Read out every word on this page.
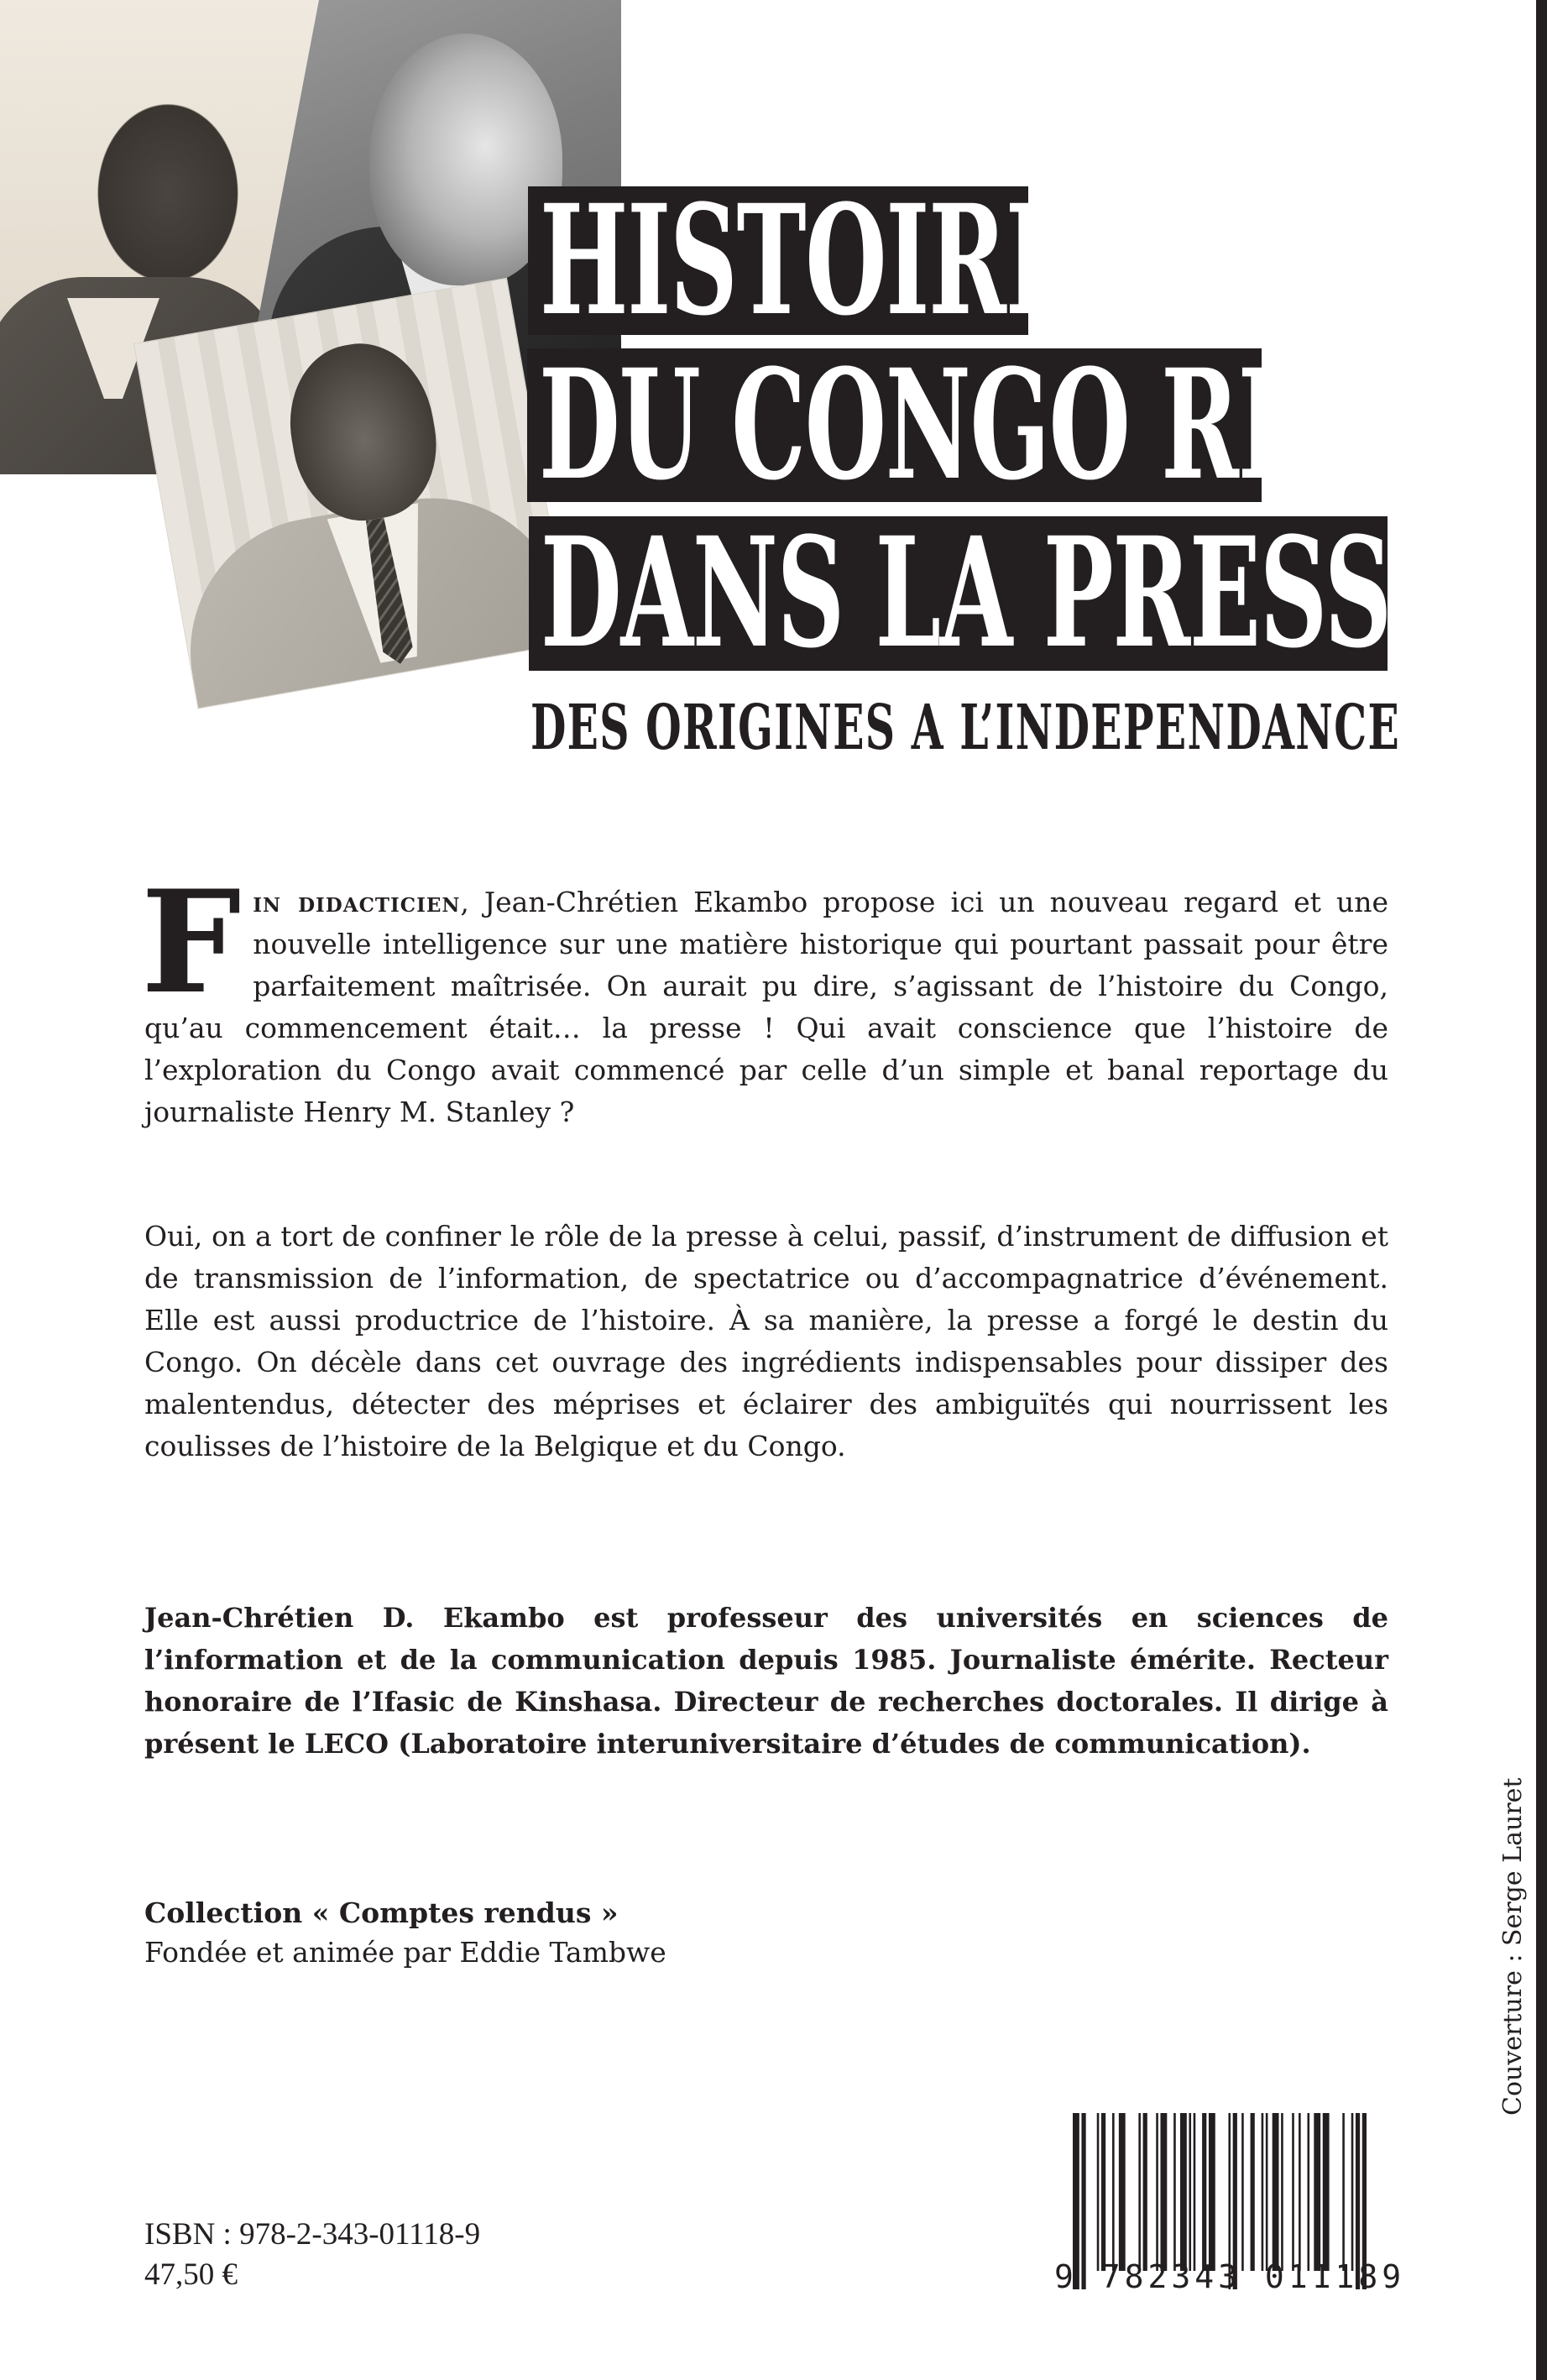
HISTOIRE
DU CONGO RDC
DANS LA PRESSE
DES ORIGINES A L’INDEPENDANCE
Fin didacticien, Jean-Chrétien Ekambo propose ici un nouveau regard et une nouvelle intelligence sur une matière historique qui pourtant passait pour être parfaitement maîtrisée. On aurait pu dire, s’agissant de l’histoire du Congo, qu’au commencement était… la presse ! Qui avait conscience que l’histoire de l’exploration du Congo avait commencé par celle d’un simple et banal reportage du journaliste Henry M. Stanley ?
Oui, on a tort de confiner le rôle de la presse à celui, passif, d’instrument de diffusion et de transmission de l’information, de spectatrice ou d’accompagnatrice d’événement. Elle est aussi productrice de l’histoire. À sa manière, la presse a forgé le destin du Congo. On décèle dans cet ouvrage des ingrédients indispensables pour dissiper des malentendus, détecter des méprises et éclairer des ambiguïtés qui nourrissent les coulisses de l’histoire de la Belgique et du Congo.
Jean-Chrétien D. Ekambo est professeur des universités en sciences de l’information et de la communication depuis 1985. Journaliste émérite. Recteur honoraire de l’Ifasic de Kinshasa. Directeur de recherches doctorales. Il dirige à présent le LECO (Laboratoire interuniversitaire d’études de communication).
Collection « Comptes rendus »
Fondée et animée par Eddie Tambwe
ISBN : 978-2-343-01118-9
47,50 €	9 782343 011189
Couverture : Serge Lauret
